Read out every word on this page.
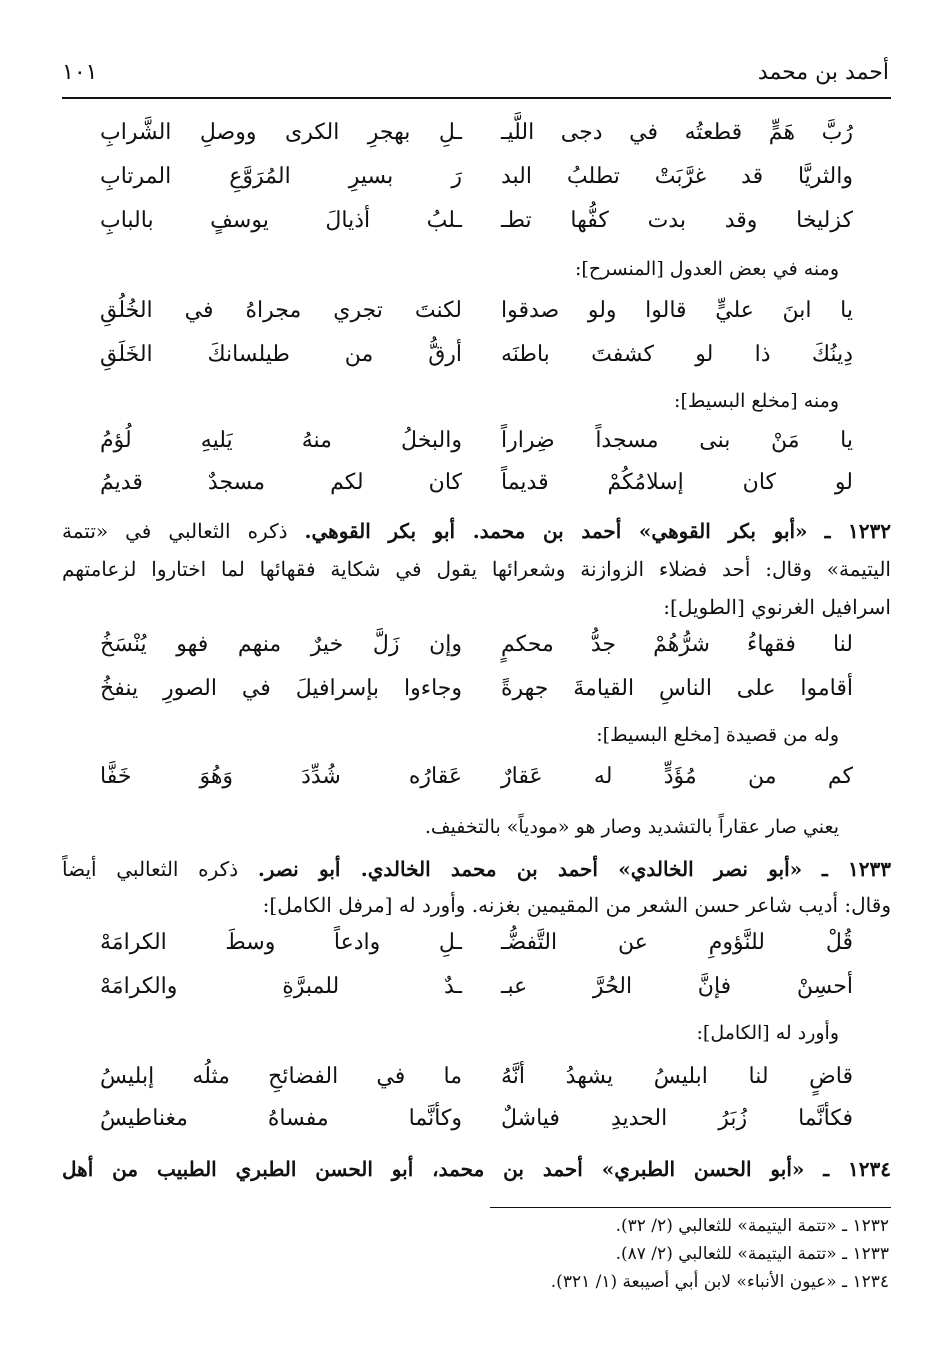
أحمد بن محمد
١٠١
رُبَّ هَمٍّ قطعتُه في دجى اللَّيـ
ـلِ بهجرِ الكرى ووصلِ الشَّرابِ
والثريَّا قد غرَّبَتْ تطلبُ البد
رَ بسيرِ المُرَوَّعِ المرتابِ
كزليخا وقد بدت كفُّها تطـ
ـلبُ أذيالَ يوسفٍ بالبابِ
ومنه في بعض العدول [المنسرح]:
يا ابنَ عليٍّ قالوا ولو صدقوا
لكنتَ تجري مجراهُ في الخُلُقِ
دِينُكَ ذا لو كشفتَ باطنَه
أرقُّ من طيلسانكَ الخَلَقِ
ومنه [مخلع البسيط]:
يا مَنْ بنى مسجداً ضِراراً
والبخلُ منهُ يَليهِ لُؤمُ
لو كان إسلامُكُمْ قديماً
كان لكم مسجدٌ قديمُ
١٢٣٢ ـ «أبو بكر القوهي» أحمد بن محمد. أبو بكر القوهي. ذكره الثعالبي في «تتمة
اليتيمة» وقال: أحد فضلاء الزوازنة وشعرائها يقول في شكاية فقهائها لما اختاروا لزعامتهم
اسرافيل الغرنوي [الطويل]:
لنا فقهاءُ شرُّهُمْ جدُّ محكمٍ
وإن زَلَّ خيرٌ منهم فهو يُنْسَخُ
أقاموا على الناسِ القيامةَ جهرةً
وجاءوا بإسرافيلَ في الصورِ ينفخُ
وله من قصيدة [مخلع البسيط]:
كم من مُؤَدٍّ له عَقارٌ
عَقارُه شُدِّدَ وَهُوَ خَفَّا
يعني صار عقاراً بالتشديد وصار هو «مودياً» بالتخفيف.
١٢٣٣ ـ «أبو نصر الخالدي» أحمد بن محمد الخالدي. أبو نصر. ذكره الثعالبي أيضاً
وقال: أديب شاعر حسن الشعر من المقيمين بغزنه. وأورد له [مرفل الكامل]:
قُلْ للنَّؤومِ عن التَّفضُّـ
ـلِ وادعاً وسطَ الكرامَهْ
أحسِنْ فإنَّ الحُرَّ عبـ
ـدٌ للمبرَّةِ والكرامَهْ
وأورد له [الكامل]:
قاضٍ لنا ابليسُ يشهدُ أنَّهُ
ما في الفضائحِ مثلُه إبليسُ
فكأنَّما زُبَرُ الحديدِ فياشلٌ
وكأنَّما مفساهُ مغناطيسُ
١٢٣٤ ـ «أبو الحسن الطبري» أحمد بن محمد، أبو الحسن الطبري الطبيب من أهل
١٢٣٢ ـ «تتمة اليتيمة» للثعالبي (٢/ ٣٢).
١٢٣٣ ـ «تتمة اليتيمة» للثعالبي (٢/ ٨٧).
١٢٣٤ ـ «عيون الأنباء» لابن أبي أصيبعة (١/ ٣٢١).
